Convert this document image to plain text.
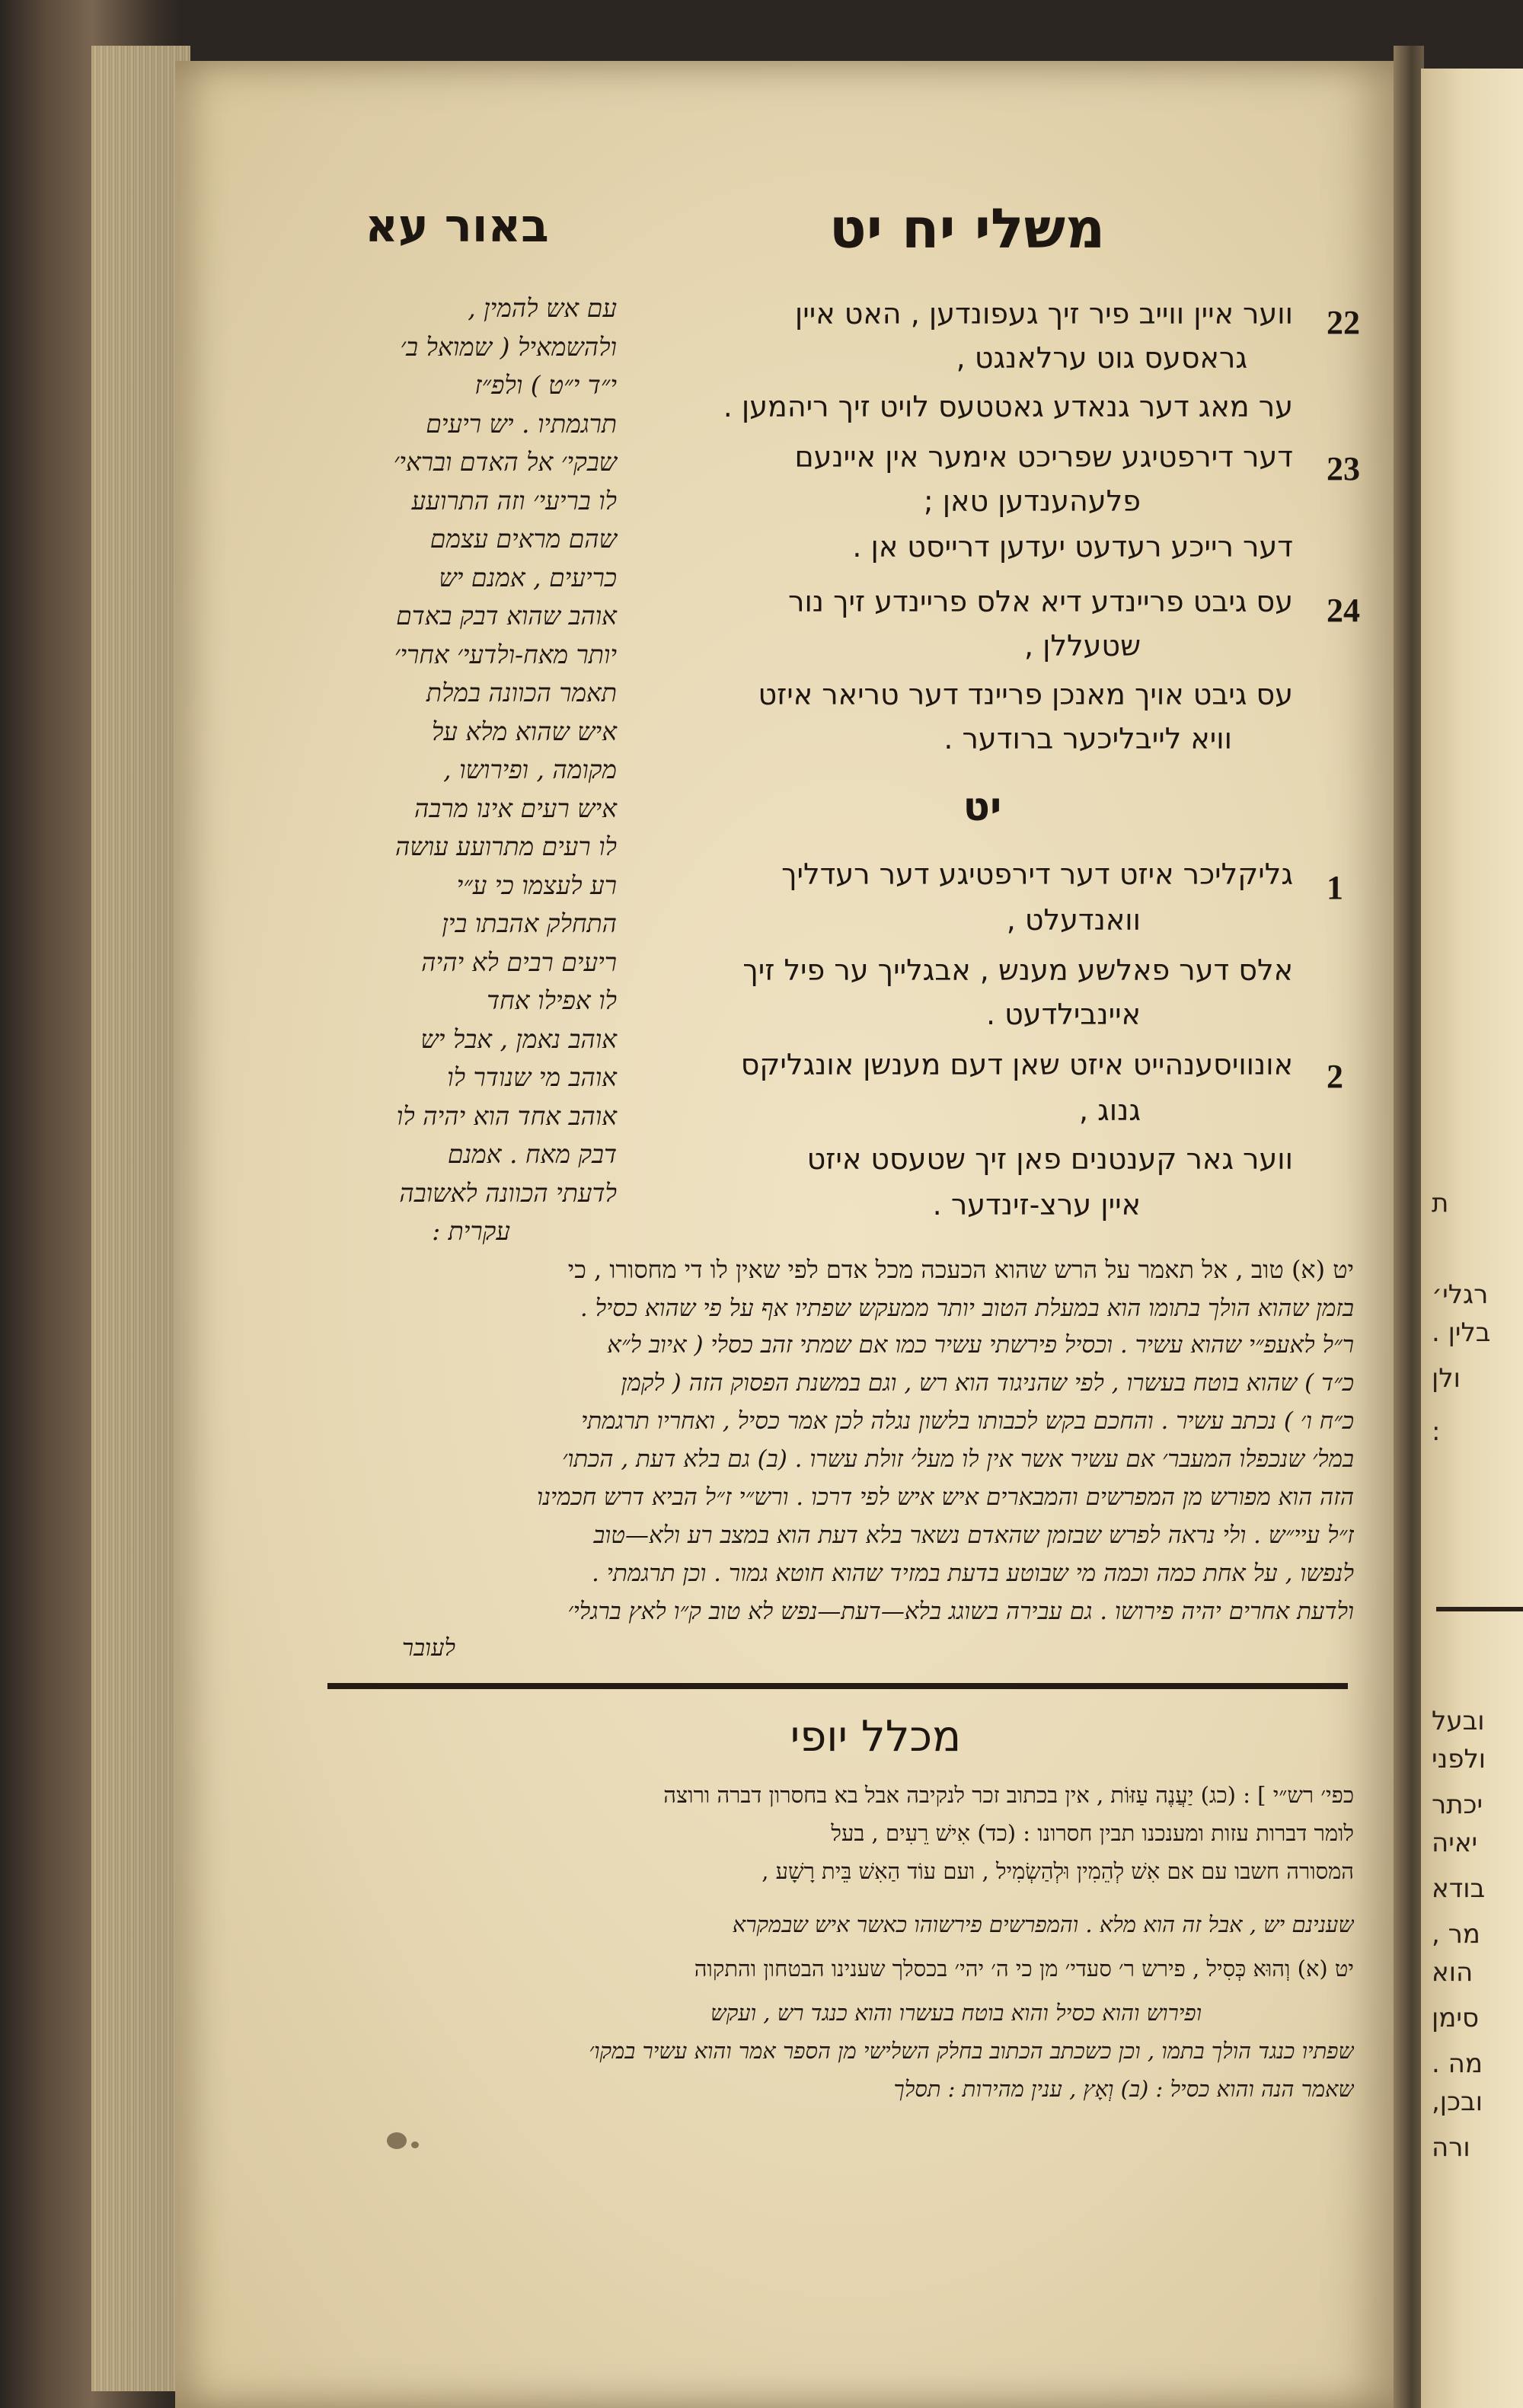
ת
רגלי׳
בלין .
ולן
:
ובעל
ולפני
יכתר
יאיה
בודא
מר ,
הוא
סימן
מה .
ובכן,
ורה
משלי יח יט
באור עא
22
ווער איין ווייב פיר זיך געפונדען , האט איין
גראסעס גוט ערלאנגט ,
ער מאג דער גנאדע גאטטעס לויט זיך ריהמען .
23
דער דירפטיגע שפריכט אימער אין איינעם
פלעהענדען טאן ;
דער רייכע רעדעט יעדען דרייסט אן .
24
עס גיבט פריינדע דיא אלס פריינדע זיך נור
שטעללן ,
עס גיבט אויך מאנכן פריינד דער טריאר איזט
וויא לייבליכער ברודער .
יט
1
גליקליכר איזט דער דירפטיגע דער רעדליך
וואנדעלט ,
אלס דער פאלשע מענש , אבגלייך ער פיל זיך
איינבילדעט .
2
אונוויסענהייט איזט שאן דעם מענשן אונגליקס
גנוג ,
ווער גאר קענטנים פאן זיך שטעסט איזט
איין ערצ-זינדער .
עם אש להמין ,
ולהשמאיל ( שמואל ב׳
י״ד י״ט ) ולפ״ז
תרגמתיו . יש ריעים
שבקי׳ אל האדם ובראי׳
לו בריעי׳ וזה התרועע
שהם מראים עצמם
כריעים , אמנם יש
אוהב שהוא דבק באדם
יותר מאח-ולדעי׳ אחרי׳
תאמר הכוונה במלת
איש שהוא מלא על
מקומה , ופירושו ,
איש רעים אינו מרבה
לו רעים מתרועע עושה
רע לעצמו כי ע״י
התחלק אהבתו בין
ריעים רבים לא יהיה
לו אפילו אחד
אוהב נאמן , אבל יש
אוהב מי שנודר לו
אוהב אחד הוא יהיה לו
דבק מאח . אמנם
לדעתי הכוונה לאשובה
עקרית :
יט (א) טוב , אל תאמר על הרש שהוא הכעכה מכל אדם לפי שאין לו די מחסורו , כי
בזמן שהוא הולך בתומו הוא במעלת הטוב יותר ממעקש שפתיו אף על פי שהוא כסיל .
ר״ל לאעפ״י שהוא עשיר . וכסיל פירשתי עשיר כמו אם שמתי זהב כסלי ( איוב ל״א
כ״ד ) שהוא בוטח בעשרו , לפי שהניגוד הוא רש , וגם במשנת הפסוק הזה ( לקמן
כ״ח ו׳ ) נכתב עשיר . והחכם בקש לכבותו בלשון נגלה לכן אמר כסיל , ואחריו תרגמתי
במל׳ שנכפלו המעבר׳ אם עשיר אשר אין לו מעל׳ זולת עשרו . (ב) גם בלא דעת , הכתו׳
הזה הוא מפורש מן המפרשים והמבארים איש איש לפי דרכו . ורש״י ז״ל הביא דרש חכמינו
ז״ל עיי״ש . ולי נראה לפרש שבזמן שהאדם נשאר בלא דעת הוא במצב רע ולא—טוב
לנפשו , על אחת כמה וכמה מי שבוטע בדעת במזיד שהוא חוטא גמור . וכן תרגמתי .
ולדעת אחרים יהיה פירושו . גם עבירה בשוגג בלא—דעת—נפש לא טוב ק״ו לאץ ברגלי׳
לעובר
מכלל יופי
כפי׳ רש״י ] : (כג) יַעֲנֶה עַזּוֹת , אין בכתוב זכר לנקיבה אבל בא בחסרון דברה ורוצה
לומר דברות עזות ומענכנו תבין חסרונו : (כד) אִישׁ רֵעִים , בעל
המסורה חשבו עם אם אִשׁ לְהֵמִין וּלְהַשְׂמִיל , ועם עוֹד הַאִשׁ בֵּית רָשָׁע ,
שענינם יש , אבל זה הוא מלא . והמפרשים פירשוהו כאשר איש שבמקרא
יט (א) וְהוּא כְּסִיל , פירש ר׳ סעדי׳ מן כי ה׳ יהי׳ בכסלך שענינו הבטחון והתקוה
ופירוש והוא כסיל והוא בוטח בעשרו והוא כנגד רש , ועקש
שפתיו כנגד הולך בתמו , וכן כשכתב הכתוב בחלק השלישי מן הספר אמר והוא עשיר במקו׳
שאמר הנה והוא כסיל : (ב) וְאָץ , ענין מהירות : תסלך
